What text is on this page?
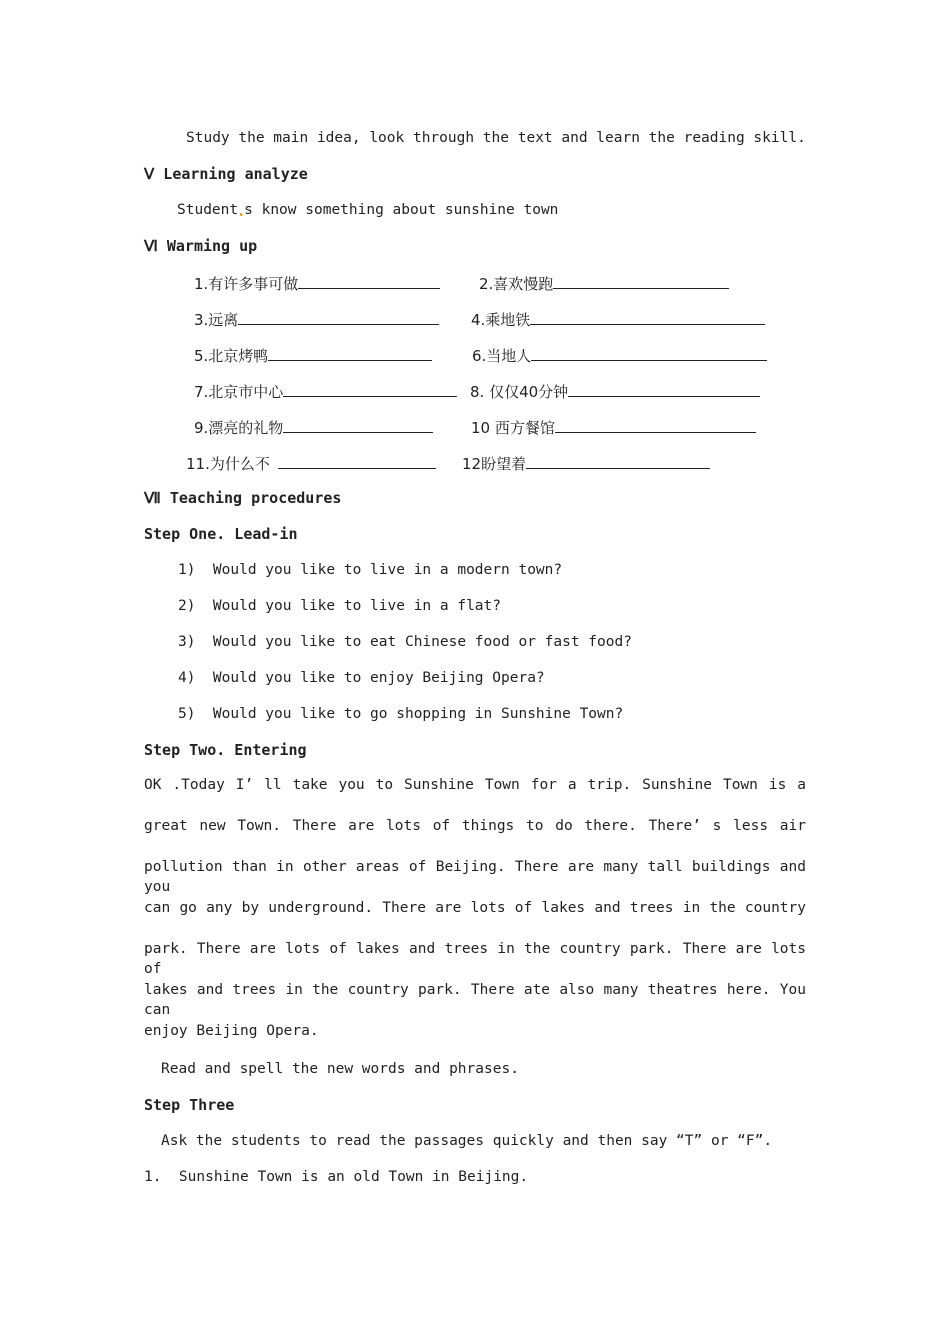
Study the main idea, look through the text and learn the reading skill.
Ⅴ Learning analyze
Student$_•$s know something about sunshine town
Ⅵ Warming up
1.有许多事可做	2.喜欢慢跑
3.远离	4.乘地铁
5.北京烤鸭	6.当地人
7.北京市中心	8. 仅仅40分钟
9.漂亮的礼物	10 西方餐馆
11.为什么不	12盼望着
Ⅶ Teaching procedures
Step One. Lead-in
1)  Would you like to live in a modern town?
2)  Would you like to live in a flat?
3)  Would you like to eat Chinese food or fast food?
4)  Would you like to enjoy Beijing Opera?
5)  Would you like to go shopping in Sunshine Town?
Step Two. Entering
OK .Today I’ ll take you to Sunshine Town for a trip. Sunshine Town is a
great new Town. There are lots of things to do there. There’ s less air
pollution than in other areas of Beijing. There are many tall buildings and you
can go any by underground. There are lots of lakes and trees in the country
park. There are lots of lakes and trees in the country park. There are lots of
lakes and trees in the country park. There ate also many theatres here. You can
enjoy Beijing Opera.
Read and spell the new words and phrases.
Step Three
Ask the students to read the passages quickly and then say “T” or “F”.
1.  Sunshine Town is an old Town in Beijing.
